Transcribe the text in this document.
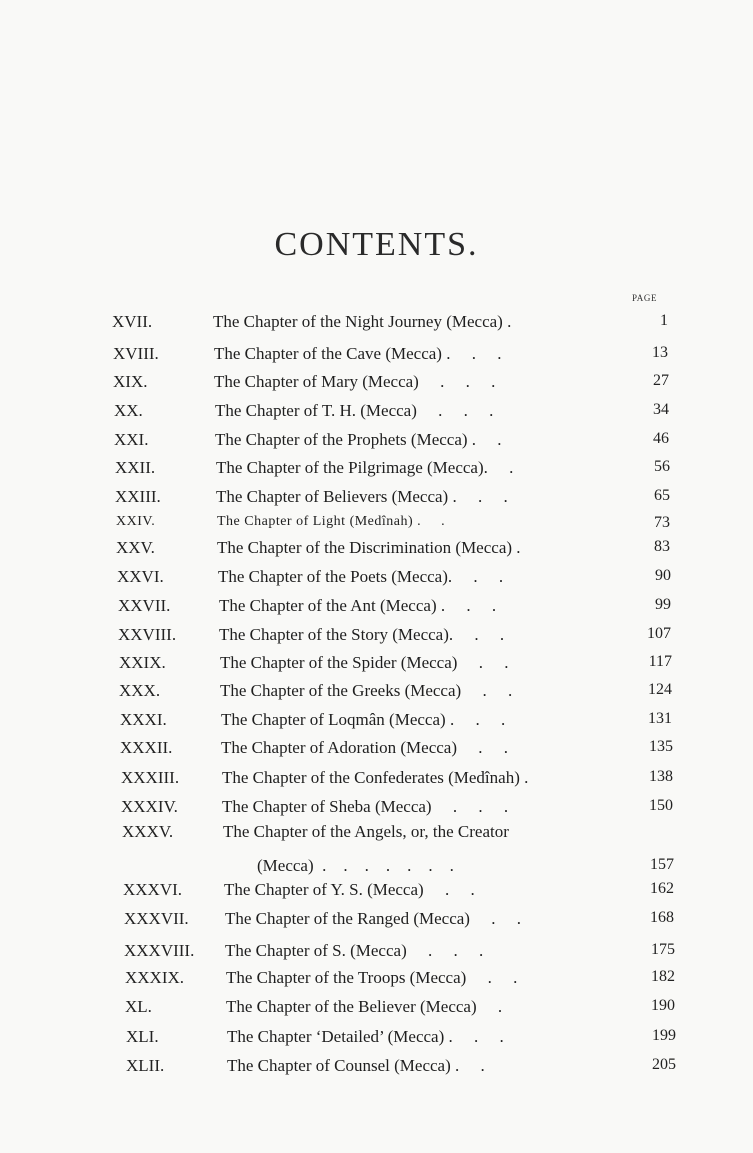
CONTENTS.
PAGE
XVII.	The Chapter of the Night Journey (Mecca) .	1
XVIII.	The Chapter of the Cave (Mecca) .     .     .	13
XIX.	The Chapter of Mary (Mecca) .     .     .	27
XX.	The Chapter of T. H. (Mecca) .     .     .	34
XXI.	The Chapter of the Prophets (Mecca) .     .	46
XXII.	The Chapter of the Pilgrimage (Mecca) .     .	56
XXIII.	The Chapter of Believers (Mecca) .     .     .	65
XXIV.	The Chapter of Light (Medînah) .     .	73
XXV.	The Chapter of the Discrimination (Mecca) .	83
XXVI.	The Chapter of the Poets (Mecca) .     .     .	90
XXVII.	The Chapter of the Ant (Mecca) .     .     .	99
XXVIII.	The Chapter of the Story (Mecca) .     .     .	107
XXIX.	The Chapter of the Spider (Mecca) .     .	117
XXX.	The Chapter of the Greeks (Mecca) .     .	124
XXXI.	The Chapter of Loqmân (Mecca) .     .     .	131
XXXII.	The Chapter of Adoration (Mecca) .     .	135
XXXIII.	The Chapter of the Confederates (Medînah) .	138
XXXIV.	The Chapter of Sheba (Mecca) .     .     .	150
XXXV.	The Chapter of the Angels, or, the Creator
(Mecca) .    .    .    .    .    .    .	157
XXXVI. The Chapter of Y. S. (Mecca) .     .	162
XXXVII. The Chapter of the Ranged (Mecca) .     .	168
XXXVIII. The Chapter of S. (Mecca) .     .     .	175
XXXIX. The Chapter of the Troops (Mecca) .     .	182
XL.	The Chapter of the Believer (Mecca) .	190
XLI.	The Chapter ‘Detailed’ (Mecca) .     .     .	199
XLII.	The Chapter of Counsel (Mecca) .     .	205
